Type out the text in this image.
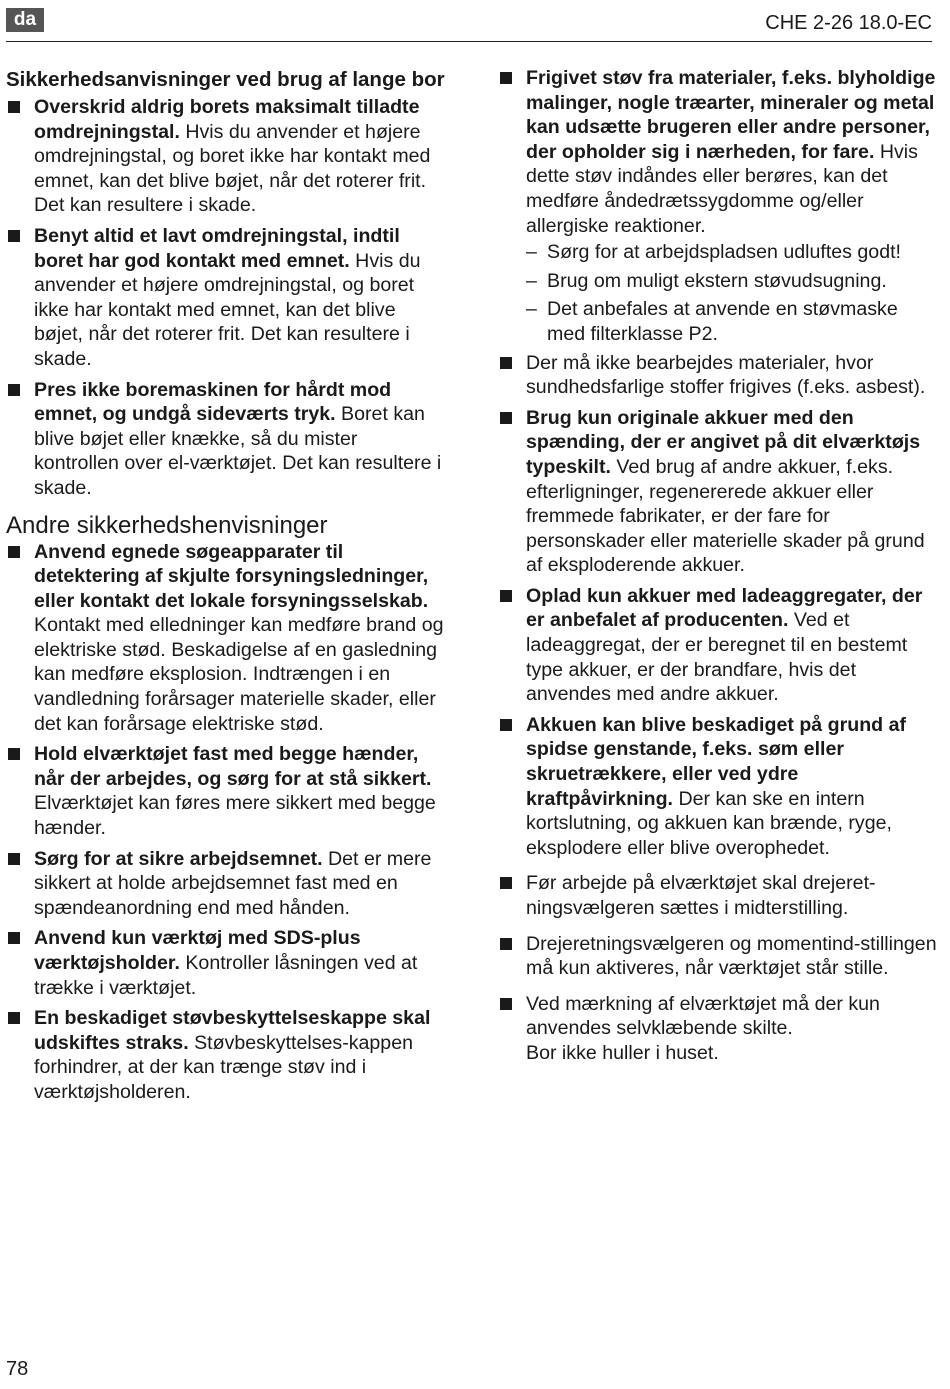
da	CHE 2-26 18.0-EC
Sikkerhedsanvisninger ved brug af lange bor
Overskrid aldrig borets maksimalt tilladte omdrejningstal. Hvis du anvender et højere omdrejningstal, og boret ikke har kontakt med emnet, kan det blive bøjet, når det roterer frit. Det kan resultere i skade.
Benyt altid et lavt omdrejningstal, indtil boret har god kontakt med emnet. Hvis du anvender et højere omdrejningstal, og boret ikke har kontakt med emnet, kan det blive bøjet, når det roterer frit. Det kan resultere i skade.
Pres ikke boremaskinen for hårdt mod emnet, og undgå sideværts tryk. Boret kan blive bøjet eller knække, så du mister kontrollen over el-værktøjet. Det kan resultere i skade.
Andre sikkerhedshenvisninger
Anvend egnede søgeapparater til detektering af skjulte forsyningsledninger, eller kontakt det lokale forsyningsselskab. Kontakt med elledninger kan medføre brand og elektriske stød. Beskadigelse af en gasledning kan medføre eksplosion. Indtrængen i en vandledning forårsager materielle skader, eller det kan forårsage elektriske stød.
Hold elværktøjet fast med begge hænder, når der arbejdes, og sørg for at stå sikkert. Elværktøjet kan føres mere sikkert med begge hænder.
Sørg for at sikre arbejdsemnet. Det er mere sikkert at holde arbejdsemnet fast med en spændeanordning end med hånden.
Anvend kun værktøj med SDS-plus værktøjsholder. Kontroller låsningen ved at trække i værktøjet.
En beskadiget støvbeskyttelseskappe skal udskiftes straks. Støvbeskyttelses-kappen forhindrer, at der kan trænge støv ind i værktøjsholderen.
Frigivet støv fra materialer, f.eks. blyholdige malinger, nogle træarter, mineraler og metal kan udsætte brugeren eller andre personer, der opholder sig i nærheden, for fare. Hvis dette støv indåndes eller berøres, kan det medføre åndedrætssygdomme og/eller allergiske reaktioner.
– Sørg for at arbejdspladsen udluftes godt!
– Brug om muligt ekstern støvudsugning.
– Det anbefales at anvende en støvmaske med filterklasse P2.
Der må ikke bearbejdes materialer, hvor sundhedsfarlige stoffer frigives (f.eks. asbest).
Brug kun originale akkuer med den spænding, der er angivet på dit elværktøjs typeskilt. Ved brug af andre akkuer, f.eks. efterligninger, regenererede akkuer eller fremmede fabrikater, er der fare for personskader eller materielle skader på grund af eksploderende akkuer.
Oplad kun akkuer med ladeaggregater, der er anbefalet af producenten. Ved et ladeaggregat, der er beregnet til en bestemt type akkuer, er der brandfare, hvis det anvendes med andre akkuer.
Akkuen kan blive beskadiget på grund af spidse genstande, f.eks. søm eller skruetrækkere, eller ved ydre kraftpåvirkning. Der kan ske en intern kortslutning, og akkuen kan brænde, ryge, eksplodere eller blive overophedet.
Før arbejde på elværktøjet skal drejeret-ningsvælgeren sættes i midterstilling.
Drejeretningsvælgeren og momentind-stillingen må kun aktiveres, når værktøjet står stille.
Ved mærkning af elværktøjet må der kun anvendes selvklæbende skilte.
Bor ikke huller i huset.
78
